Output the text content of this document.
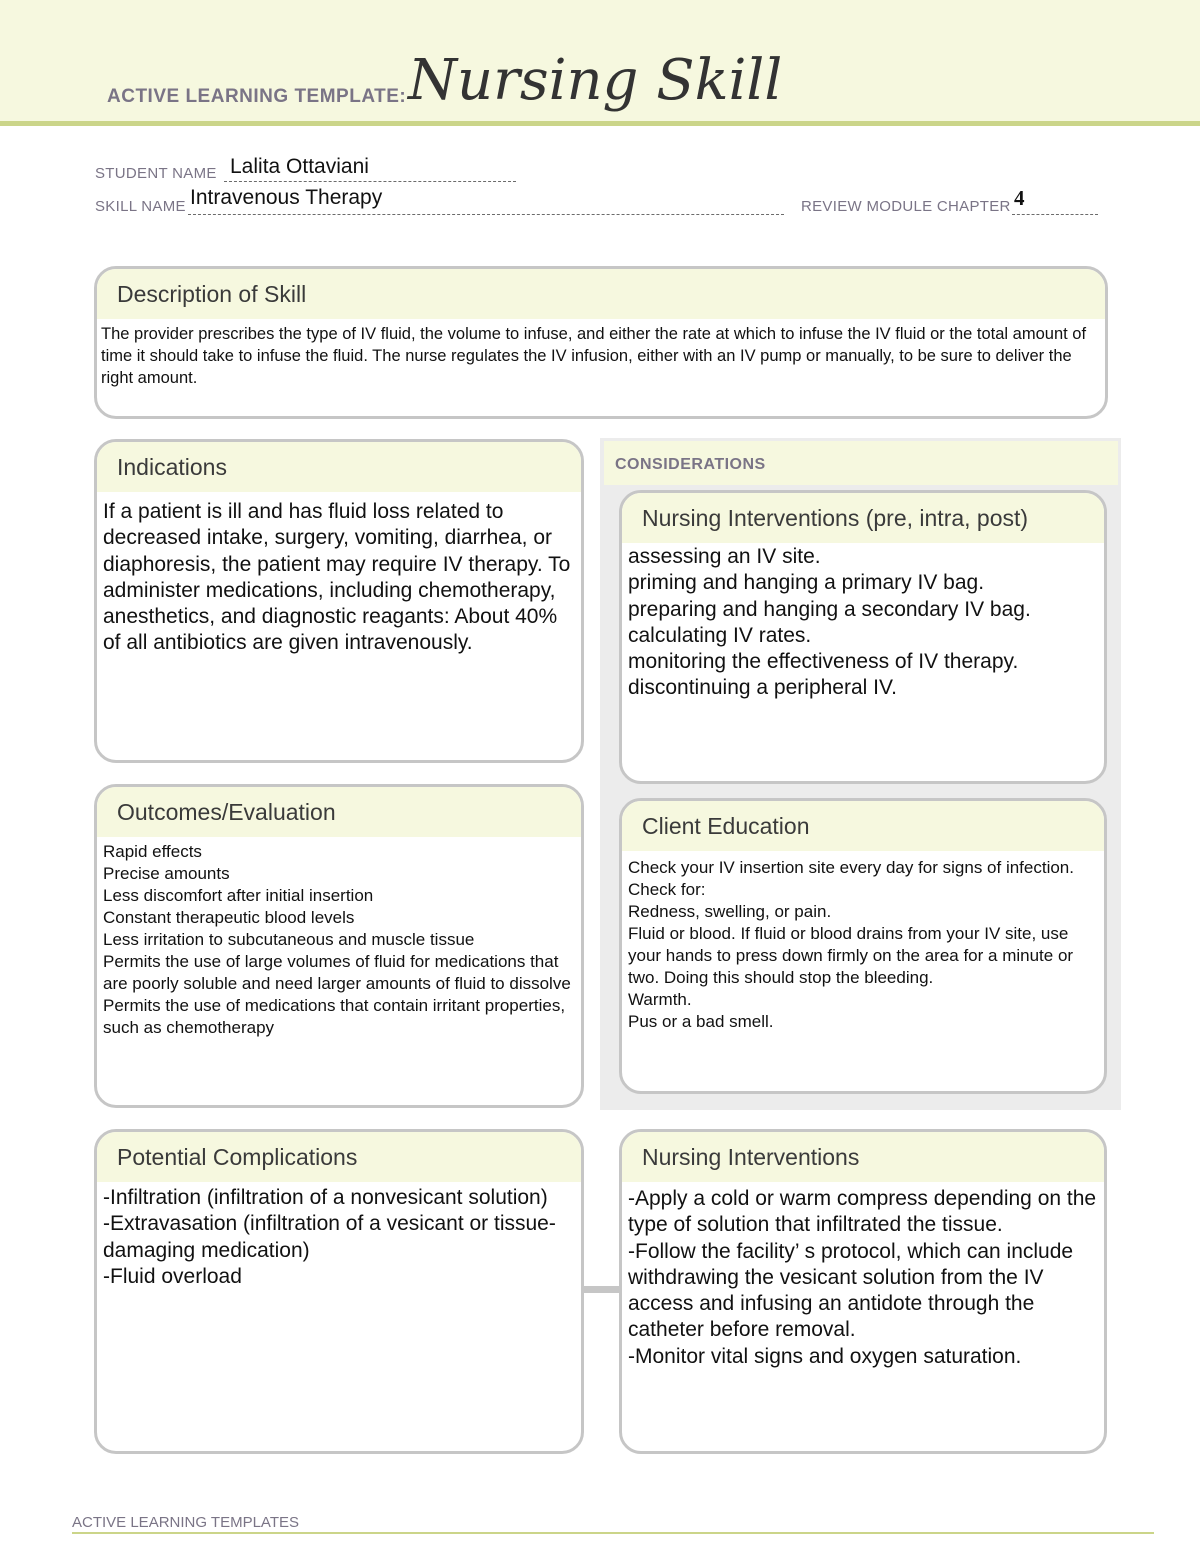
ACTIVE LEARNING TEMPLATE: Nursing Skill
STUDENT NAME Lalita Ottaviani
SKILL NAME Intravenous Therapy	REVIEW MODULE CHAPTER 4
Description of Skill
The provider prescribes the type of IV fluid, the volume to infuse, and either the rate at which to infuse the IV fluid or the total amount of time it should take to infuse the fluid. The nurse regulates the IV infusion, either with an IV pump or manually, to be sure to deliver the right amount.
CONSIDERATIONS
Indications
If a patient is ill and has fluid loss related to decreased intake, surgery, vomiting, diarrhea, or diaphoresis, the patient may require IV therapy. To administer medications, including chemotherapy, anesthetics, and diagnostic reagants: About 40% of all antibiotics are given intravenously.
Nursing Interventions (pre, intra, post)
assessing an IV site.
priming and hanging a primary IV bag.
preparing and hanging a secondary IV bag.
calculating IV rates.
monitoring the effectiveness of IV therapy.
discontinuing a peripheral IV.
Outcomes/Evaluation
Rapid effects
Precise amounts
Less discomfort after initial insertion
Constant therapeutic blood levels
Less irritation to subcutaneous and muscle tissue
Permits the use of large volumes of fluid for medications that are poorly soluble and need larger amounts of fluid to dissolve
Permits the use of medications that contain irritant properties, such as chemotherapy
Client Education
Check your IV insertion site every day for signs of infection. Check for:
Redness, swelling, or pain.
Fluid or blood. If fluid or blood drains from your IV site, use your hands to press down firmly on the area for a minute or two. Doing this should stop the bleeding.
Warmth.
Pus or a bad smell.
Potential Complications
-Infiltration (infiltration of a nonvesicant solution)
-Extravasation (infiltration of a vesicant or tissue-damaging medication)
-Fluid overload
Nursing Interventions
-Apply a cold or warm compress depending on the type of solution that infiltrated the tissue.
-Follow the facility’ s protocol, which can include withdrawing the vesicant solution from the IV access and infusing an antidote through the catheter before removal.
-Monitor vital signs and oxygen saturation.
ACTIVE LEARNING TEMPLATES
